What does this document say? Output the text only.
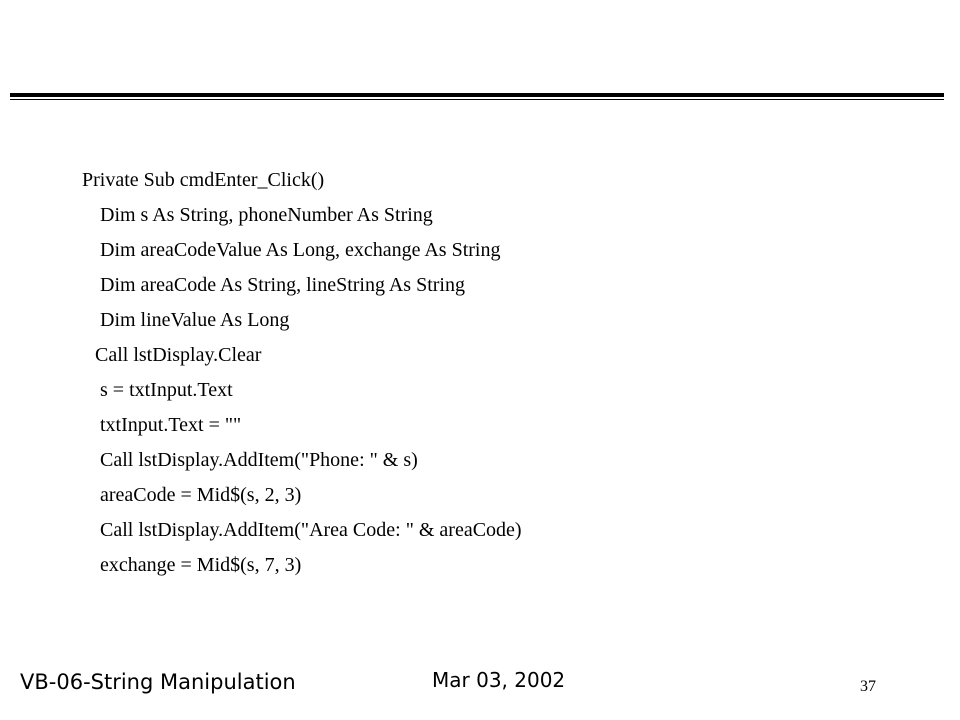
Private Sub cmdEnter_Click()
Dim s As String, phoneNumber As String
Dim areaCodeValue As Long, exchange As String
Dim areaCode As String, lineString As String
Dim lineValue As Long
Call lstDisplay.Clear
s = txtInput.Text
txtInput.Text = ""
Call lstDisplay.AddItem("Phone: " & s)
areaCode = Mid$(s, 2, 3)
Call lstDisplay.AddItem("Area Code: " & areaCode)
exchange = Mid$(s, 7, 3)
VB-06-String Manipulation	Mar 03, 2002	37
